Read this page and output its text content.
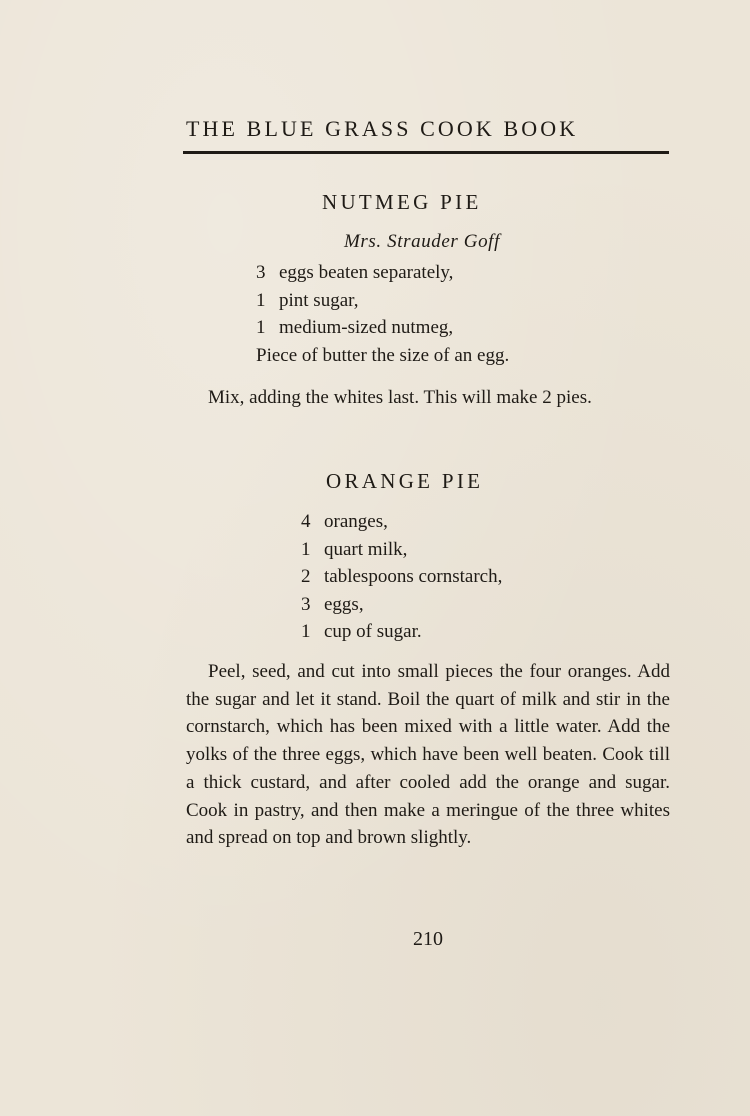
THE BLUE GRASS COOK BOOK
NUTMEG PIE
Mrs. Strauder Goff
3 eggs beaten separately,
1 pint sugar,
1 medium-sized nutmeg,
Piece of butter the size of an egg.

Mix, adding the whites last. This will make 2 pies.

ORANGE PIE
4 oranges,
1 quart milk,
2 tablespoons cornstarch,
3 eggs,
1 cup of sugar.

Peel, seed, and cut into small pieces the four oranges. Add the sugar and let it stand. Boil the quart of milk and stir in the cornstarch, which has been mixed with a little water. Add the yolks of the three eggs, which have been well beaten. Cook till a thick custard, and after cooled add the orange and sugar. Cook in pastry, and then make a meringue of the three whites and spread on top and brown slightly.

210
